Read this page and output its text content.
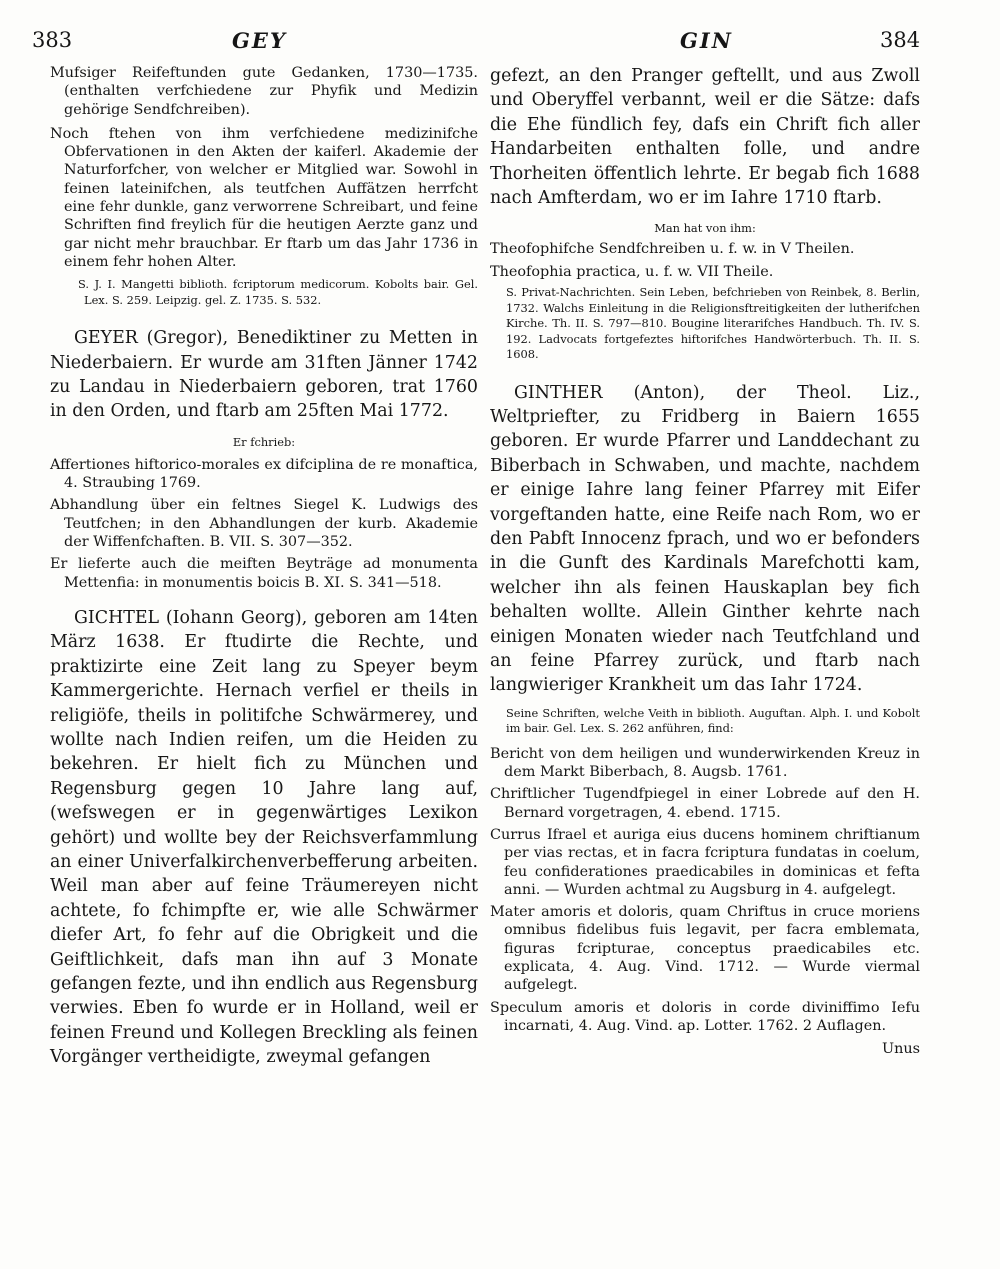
383	GEY	GIN	384

Mufsiger Reifeftunden gute Gedanken, 1730—1735. (enthalten verfchiedene zur Phyfik und Medizin gehörige Sendfchreiben).

Noch ftehen von ihm verfchiedene medizinifche Obfervationen in den Akten der kaiferl. Akademie der Naturforfcher, von welcher er Mitglied war. Sowohl in feinen lateinifchen, als teutfchen Auffätzen herrfcht eine fehr dunkle, ganz verworrene Schreibart, und feine Schriften find freylich für die heutigen Aerzte ganz und gar nicht mehr brauchbar. Er ftarb um das Jahr 1736 in einem fehr hohen Alter.

S. J. I. Mangetti biblioth. fcriptorum medicorum. Kobolts bair. Gel. Lex. S. 259. Leipzig. gel. Z. 1735. S. 532.

GEYER (Gregor), Benediktiner zu Metten in Niederbaiern. Er wurde am 31ften Jänner 1742 zu Landau in Niederbaiern geboren, trat 1760 in den Orden, und ftarb am 25ften Mai 1772.

Er fchrieb:

Affertiones hiftorico-morales ex difciplina de re monaftica, 4. Straubing 1769.

Abhandlung über ein feltnes Siegel K. Ludwigs des Teutfchen; in den Abhandlungen der kurb. Akademie der Wiffenfchaften. B. VII. S. 307—352.

Er lieferte auch die meiften Beyträge ad monumenta Mettenfia: in monumentis boicis B. XI. S. 341—518.

GICHTEL (Iohann Georg), geboren am 14ten März 1638. Er ftudirte die Rechte, und praktizirte eine Zeit lang zu Speyer beym Kammergerichte. Hernach verfiel er theils in religiöfe, theils in politifche Schwärmerey, und wollte nach Indien reifen, um die Heiden zu bekehren. Er hielt fich zu München und Regensburg gegen 10 Jahre lang auf, (wefswegen er in gegenwärtiges Lexikon gehört) und wollte bey der Reichsverfammlung an einer Univerfalkirchenverbefferung arbeiten. Weil man aber auf feine Träumereyen nicht achtete, fo fchimpfte er, wie alle Schwärmer diefer Art, fo fehr auf die Obrigkeit und die Geiftlichkeit, dafs man ihn auf 3 Monate gefangen fezte, und ihn endlich aus Regensburg verwies. Eben fo wurde er in Holland, weil er feinen Freund und Kollegen Breckling als feinen Vorgänger vertheidigte, zweymal gefangen

gefezt, an den Pranger geftellt, und aus Zwoll und Oberyffel verbannt, weil er die Sätze: dafs die Ehe fündlich fey, dafs ein Chrift fich aller Handarbeiten enthalten folle, und andre Thorheiten öffentlich lehrte. Er begab fich 1688 nach Amfterdam, wo er im Iahre 1710 ftarb.

Man hat von ihm:

Theofophifche Sendfchreiben u. f. w. in V Theilen.

Theofophia practica, u. f. w. VII Theile.

S. Privat-Nachrichten. Sein Leben, befchrieben von Reinbek, 8. Berlin, 1732. Walchs Einleitung in die Religionsftreitigkeiten der lutherifchen Kirche. Th. II. S. 797—810. Bougine literarifches Handbuch. Th. IV. S. 192. Ladvocats fortgefeztes hiftorifches Handwörterbuch. Th. II. S. 1608.

GINTHER (Anton), der Theol. Liz., Weltpriefter, zu Fridberg in Baiern 1655 geboren. Er wurde Pfarrer und Landdechant zu Biberbach in Schwaben, und machte, nachdem er einige Iahre lang feiner Pfarrey mit Eifer vorgeftanden hatte, eine Reife nach Rom, wo er den Pabft Innocenz fprach, und wo er befonders in die Gunft des Kardinals Marefchotti kam, welcher ihn als feinen Hauskaplan bey fich behalten wollte. Allein Ginther kehrte nach einigen Monaten wieder nach Teutfchland und an feine Pfarrey zurück, und ftarb nach langwieriger Krankheit um das Iahr 1724.

Seine Schriften, welche Veith in biblioth. Auguftan. Alph. I. und Kobolt im bair. Gel. Lex. S. 262 anführen, find:

Bericht von dem heiligen und wunderwirkenden Kreuz in dem Markt Biberbach, 8. Augsb. 1761.

Chriftlicher Tugendfpiegel in einer Lobrede auf den H. Bernard vorgetragen, 4. ebend. 1715.

Currus Ifrael et auriga eius ducens hominem chriftianum per vias rectas, et in facra fcriptura fundatas in coelum, feu confiderationes praedicabiles in dominicas et fefta anni. — Wurden achtmal zu Augsburg in 4. aufgelegt.

Mater amoris et doloris, quam Chriftus in cruce moriens omnibus fidelibus fuis legavit, per facra emblemata, figuras fcripturae, conceptus praedicabiles etc. explicata, 4. Aug. Vind. 1712. — Wurde viermal aufgelegt.

Speculum amoris et doloris in corde diviniffimo Iefu incarnati, 4. Aug. Vind. ap. Lotter. 1762. 2 Auflagen.

Unus
